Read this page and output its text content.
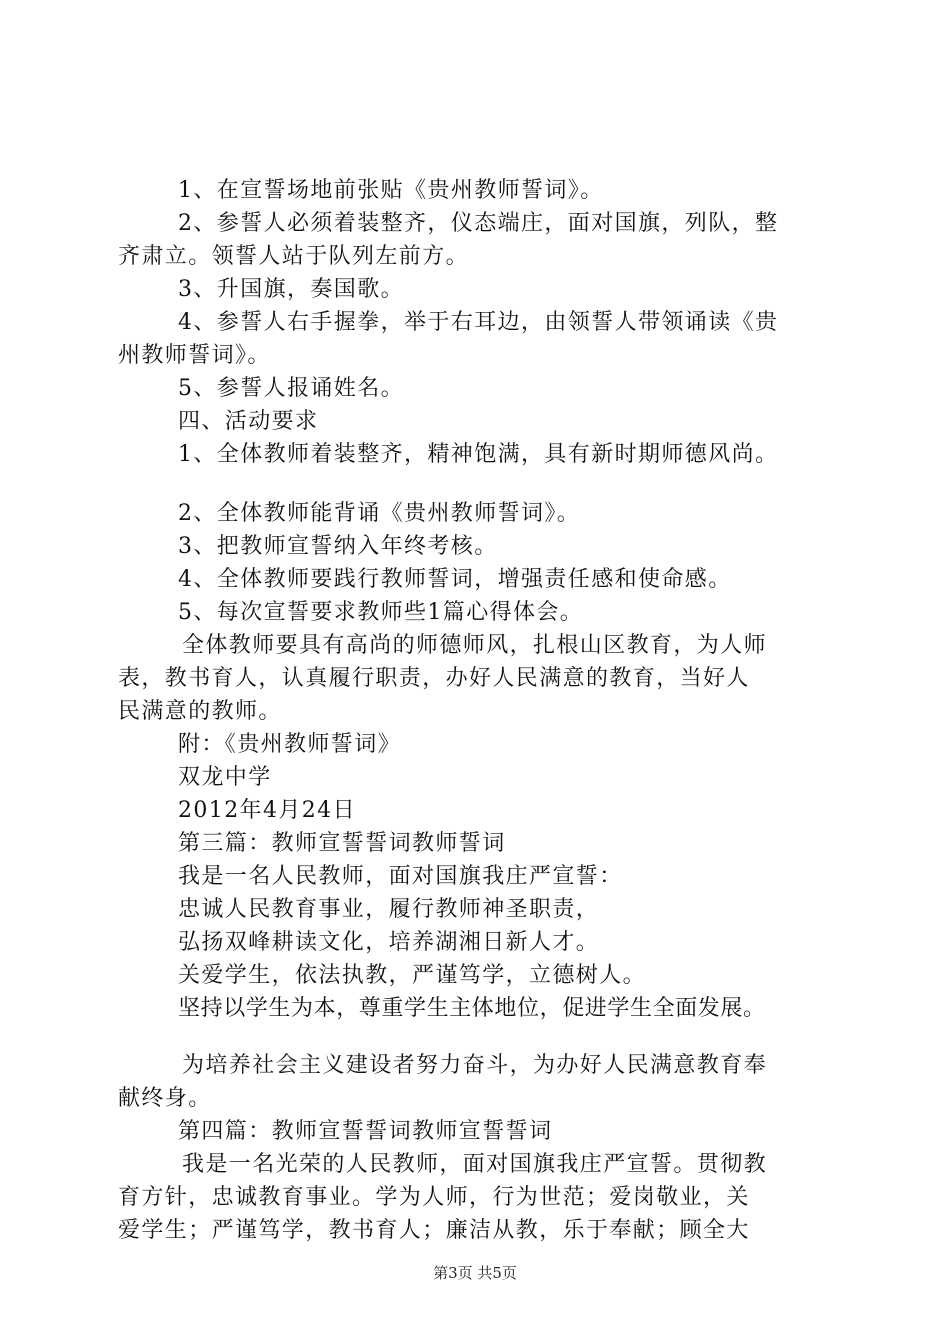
1、在宣誓场地前张贴《贵州教师誓词》。
2、参誓人必须着装整齐，仪态端庄，面对国旗，列队，整
齐肃立。领誓人站于队列左前方。
3、升国旗，奏国歌。
4、参誓人右手握拳，举于右耳边，由领誓人带领诵读《贵
州教师誓词》。
5、参誓人报诵姓名。
四、活动要求
1、全体教师着装整齐，精神饱满，具有新时期师德风尚。
2、全体教师能背诵《贵州教师誓词》。
3、把教师宣誓纳入年终考核。
4、全体教师要践行教师誓词，增强责任感和使命感。
5、每次宣誓要求教师些1篇心得体会。
全体教师要具有高尚的师德师风，扎根山区教育，为人师
表，教书育人，认真履行职责，办好人民满意的教育，当好人
民满意的教师。
附：《贵州教师誓词》
双龙中学
2012年4月24日
第三篇：教师宣誓誓词教师誓词
我是一名人民教师，面对国旗我庄严宣誓：
忠诚人民教育事业，履行教师神圣职责，
弘扬双峰耕读文化，培养湖湘日新人才。
关爱学生，依法执教，严谨笃学，立德树人。
坚持以学生为本，尊重学生主体地位，促进学生全面发展。
为培养社会主义建设者努力奋斗，为办好人民满意教育奉
献终身。
第四篇：教师宣誓誓词教师宣誓誓词
我是一名光荣的人民教师，面对国旗我庄严宣誓。贯彻教
育方针，忠诚教育事业。学为人师，行为世范；爱岗敬业，关
爱学生；严谨笃学，教书育人；廉洁从教，乐于奉献；顾全大
第3页 共5页
